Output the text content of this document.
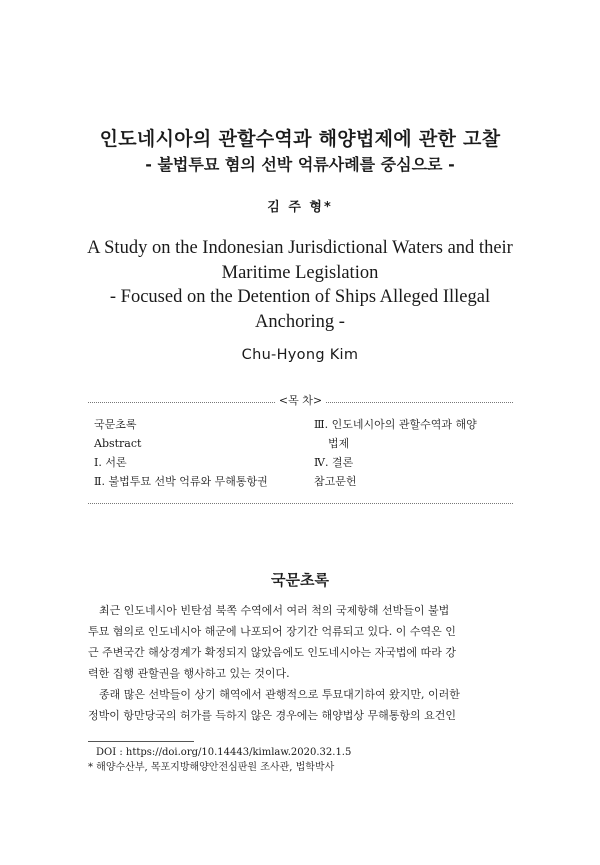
인도네시아의 관할수역과 해양법제에 관한 고찰
- 불법투묘 혐의 선박 억류사례를 중심으로 -
김 주 형*
A Study on the Indonesian Jurisdictional Waters and their
Maritime Legislation
- Focused on the Detention of Ships Alleged Illegal
Anchoring -
Chu-Hyong Kim
<목 차>
국문초록
Abstract
Ⅰ. 서론
Ⅱ. 불법투묘 선박 억류와 무해통항권
Ⅲ. 인도네시아의 관할수역과 해양
법제
Ⅳ. 결론
참고문헌
국문초록
최근 인도네시아 빈탄섬 북쪽 수역에서 여러 척의 국제항해 선박들이 불법
투묘 혐의로 인도네시아 해군에 나포되어 장기간 억류되고 있다. 이 수역은 인
근 주변국간 해상경계가 확정되지 않았음에도 인도네시아는 자국법에 따라 강
력한 집행 관할권을 행사하고 있는 것이다.
종래 많은 선박들이 상기 해역에서 관행적으로 투묘대기하여 왔지만, 이러한
정박이 항만당국의 허가를 득하지 않은 경우에는 해양법상 무해통항의 요건인
DOI : https://doi.org/10.14443/kimlaw.2020.32.1.5
* 해양수산부, 목포지방해양안전심판원 조사관, 법학박사
